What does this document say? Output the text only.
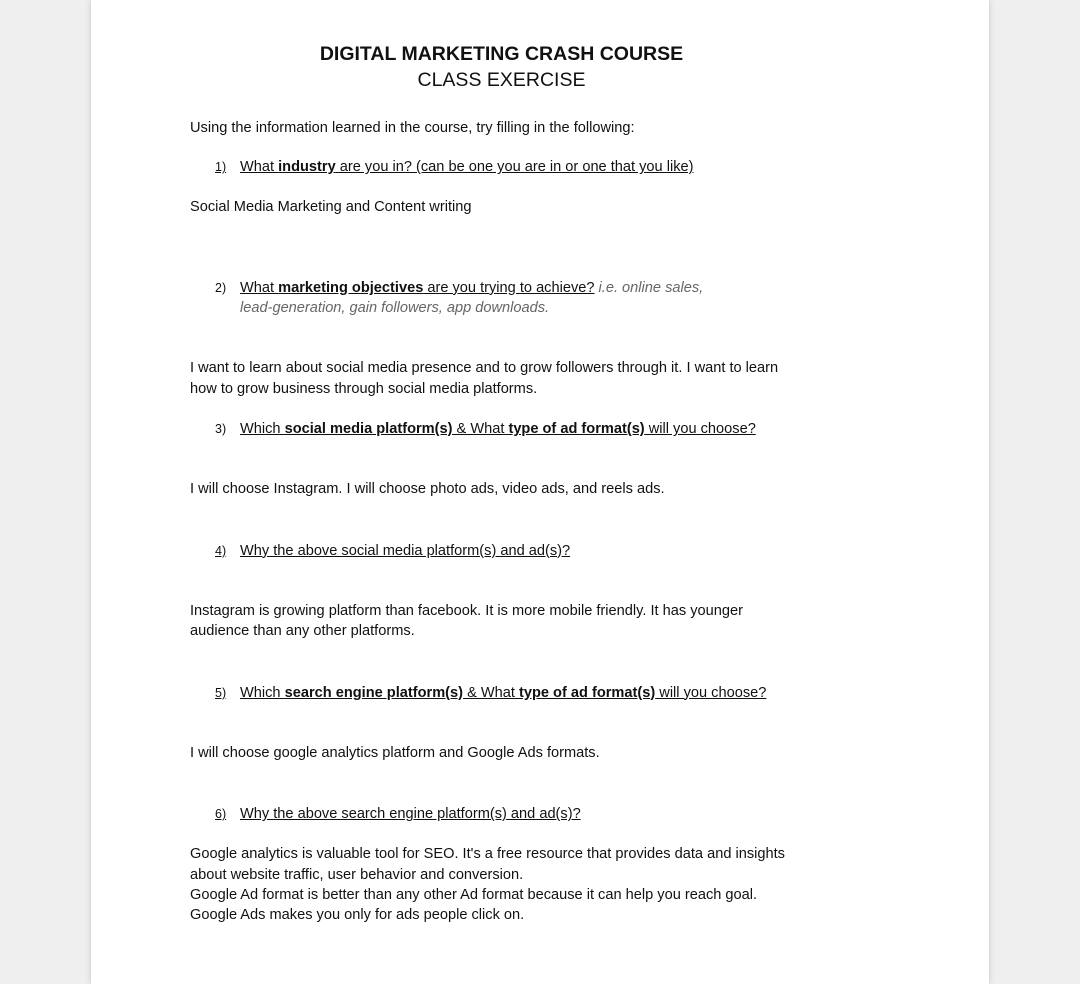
DIGITAL MARKETING CRASH COURSE
CLASS EXERCISE

Using the information learned in the course, try filling in the following:

1) What industry are you in? (can be one you are in or one that you like)

Social Media Marketing and Content writing

2) What marketing objectives are you trying to achieve? i.e. online sales,
lead-generation, gain followers, app downloads.

I want to learn about social media presence and to grow followers through it. I want to learn
how to grow business through social media platforms.

3) Which social media platform(s) & What type of ad format(s) will you choose?

I will choose Instagram. I will choose photo ads, video ads, and reels ads.

4) Why the above social media platform(s) and ad(s)?

Instagram is growing platform than facebook. It is more mobile friendly. It has younger
audience than any other platforms.

5) Which search engine platform(s) & What type of ad format(s) will you choose?

I will choose google analytics platform and Google Ads formats.

6) Why the above search engine platform(s) and ad(s)?

Google analytics is valuable tool for SEO. It's a free resource that provides data and insights
about website traffic, user behavior and conversion.
Google Ad format is better than any other Ad format because it can help you reach goal.
Google Ads makes you only for ads people click on.
